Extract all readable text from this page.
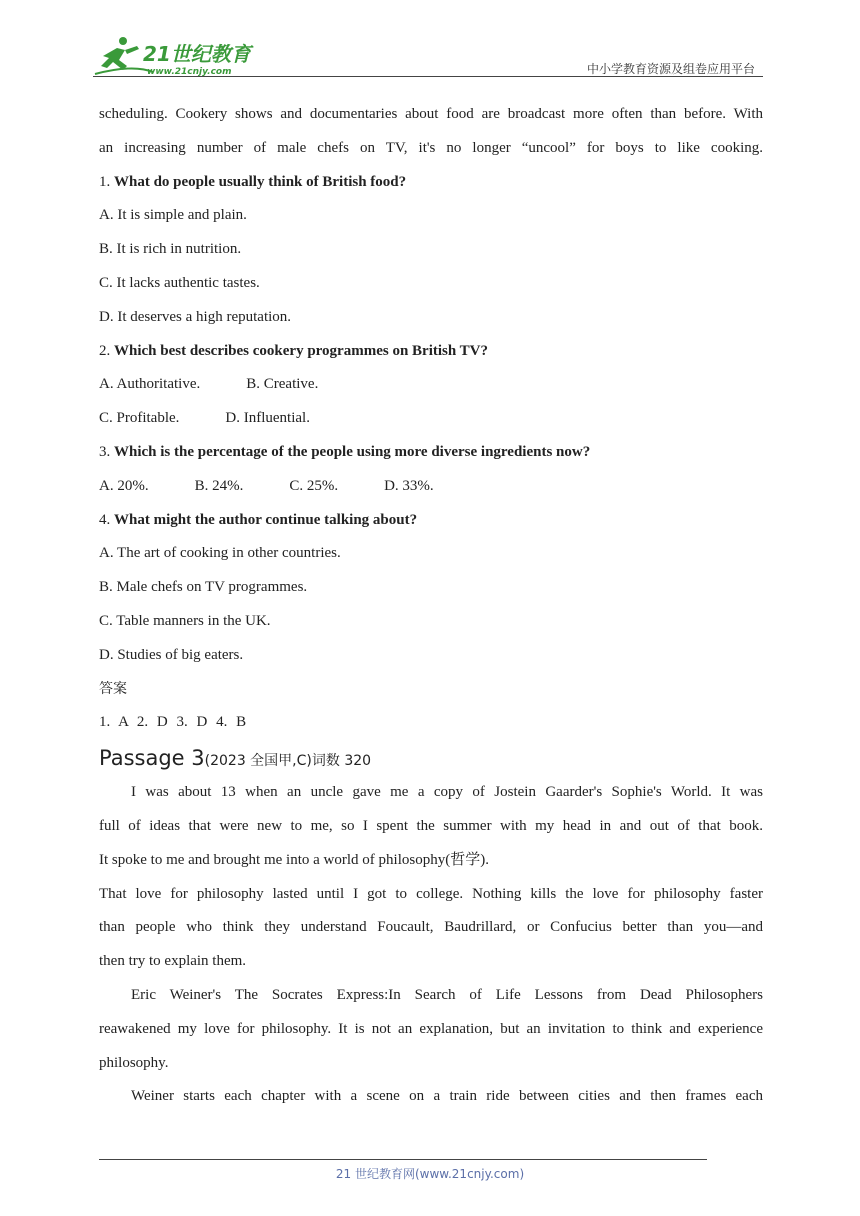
21世纪教育
www.21cnjy.com	中小学教育资源及组卷应用平台
scheduling. Cookery shows and documentaries about food are broadcast more often than before. With
an increasing number of male chefs on TV, it's no longer “uncool” for boys to like cooking.
1. What do people usually think of British food?
A. It is simple and plain.
B. It is rich in nutrition.
C. It lacks authentic tastes.
D. It deserves a high reputation.
2. Which best describes cookery programmes on British TV?
A. Authoritative.	B. Creative.
C. Profitable.	D. Influential.
3. Which is the percentage of the people using more diverse ingredients now?
A. 20%.	B. 24%.	C. 25%.	D. 33%.
4. What might the author continue talking about?
A. The art of cooking in other countries.
B. Male chefs on TV programmes.
C. Table manners in the UK.
D. Studies of big eaters.
答案
1. A 2. D 3. D 4. B
Passage 3(2023 全国甲,C)词数 320
I was about 13 when an uncle gave me a copy of Jostein Gaarder's Sophie's World. It was
full of ideas that were new to me, so I spent the summer with my head in and out of that book.
It spoke to me and brought me into a world of philosophy(哲学).
That love for philosophy lasted until I got to college. Nothing kills the love for philosophy faster
than people who think they understand Foucault, Baudrillard, or Confucius better than you—and
then try to explain them.
Eric Weiner's The Socrates Express:In Search of Life Lessons from Dead Philosophers
reawakened my love for philosophy. It is not an explanation, but an invitation to think and experience
philosophy.
Weiner starts each chapter with a scene on a train ride between cities and then frames each
21 世纪教育网(www.21cnjy.com)
